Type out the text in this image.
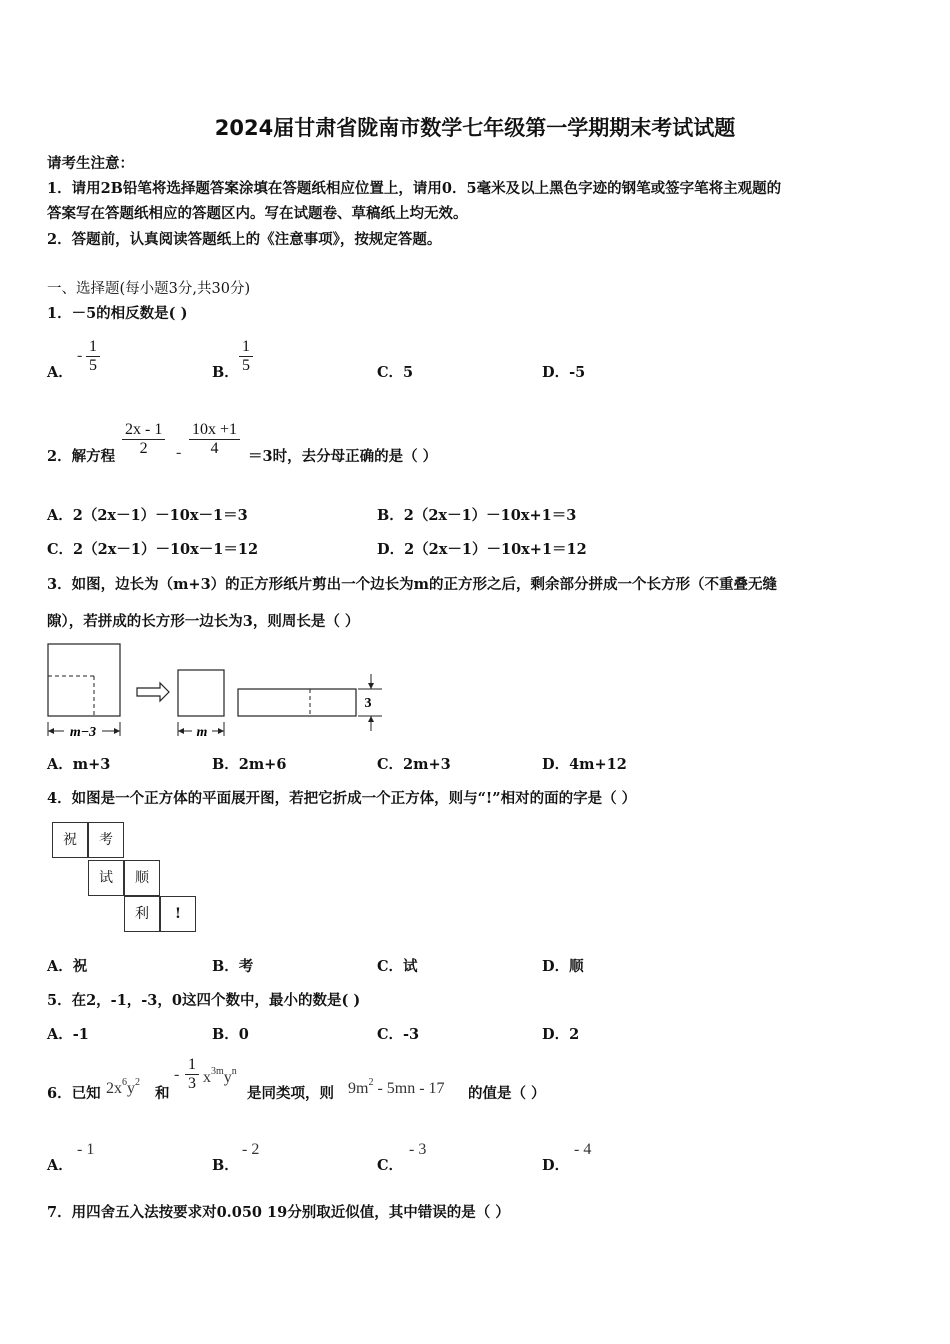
2024届甘肃省陇南市数学七年级第一学期期末考试试题
请考生注意：
1．请用2B铅笔将选择题答案涂填在答题纸相应位置上，请用0．5毫米及以上黑色字迹的钢笔或签字笔将主观题的
答案写在答题纸相应的答题区内。写在试题卷、草稿纸上均无效。
2．答题前，认真阅读答题纸上的《注意事项》，按规定答题。
一、选择题(每小题3分,共30分)
1．－5的相反数是( )
A．
- $\frac{1}{5}$	B． $\frac{1}{5}$	C．5	D．-5
2．解方程 $\frac{2x - 1}{2} - \frac{10x +1}{4} =3$时，去分母正确的是（ ）
A．2（2x－1）－10x－1＝3	B．2（2x－1）－10x+1＝3
C．2（2x－1）－10x－1＝12	D．2（2x－1）－10x+1＝12
3．如图，边长为（m+3）的正方形纸片剪出一个边长为m的正方形之后，剩余部分拼成一个长方形（不重叠无缝
隙），若拼成的长方形一边长为3，则周长是（ ）
m−3	m
3
A．m+3	B．2m+6	C．2m+3	D．4m+12
4．如图是一个正方体的平面展开图，若把它折成一个正方体，则与“!”相对的面的字是（ ）
祝	考
试	顺
利	!
A．祝	B．考	C．试	D．顺
5．在2，-1，-3，0这四个数中，最小的数是( )
A．-1	B．0	C．-3	D．2
6．已知 $2x^6y^2$
和
- $\frac{1}{3} x^{3m}y^n$
是同类项，则 $9m^2 - 5mn - 17$ 的值是（ ）
A．
- 1
B．
- 2
C．
- 3
D．
- 4
7．用四舍五入法按要求对0.050 19分别取近似值，其中错误的是（ ）
